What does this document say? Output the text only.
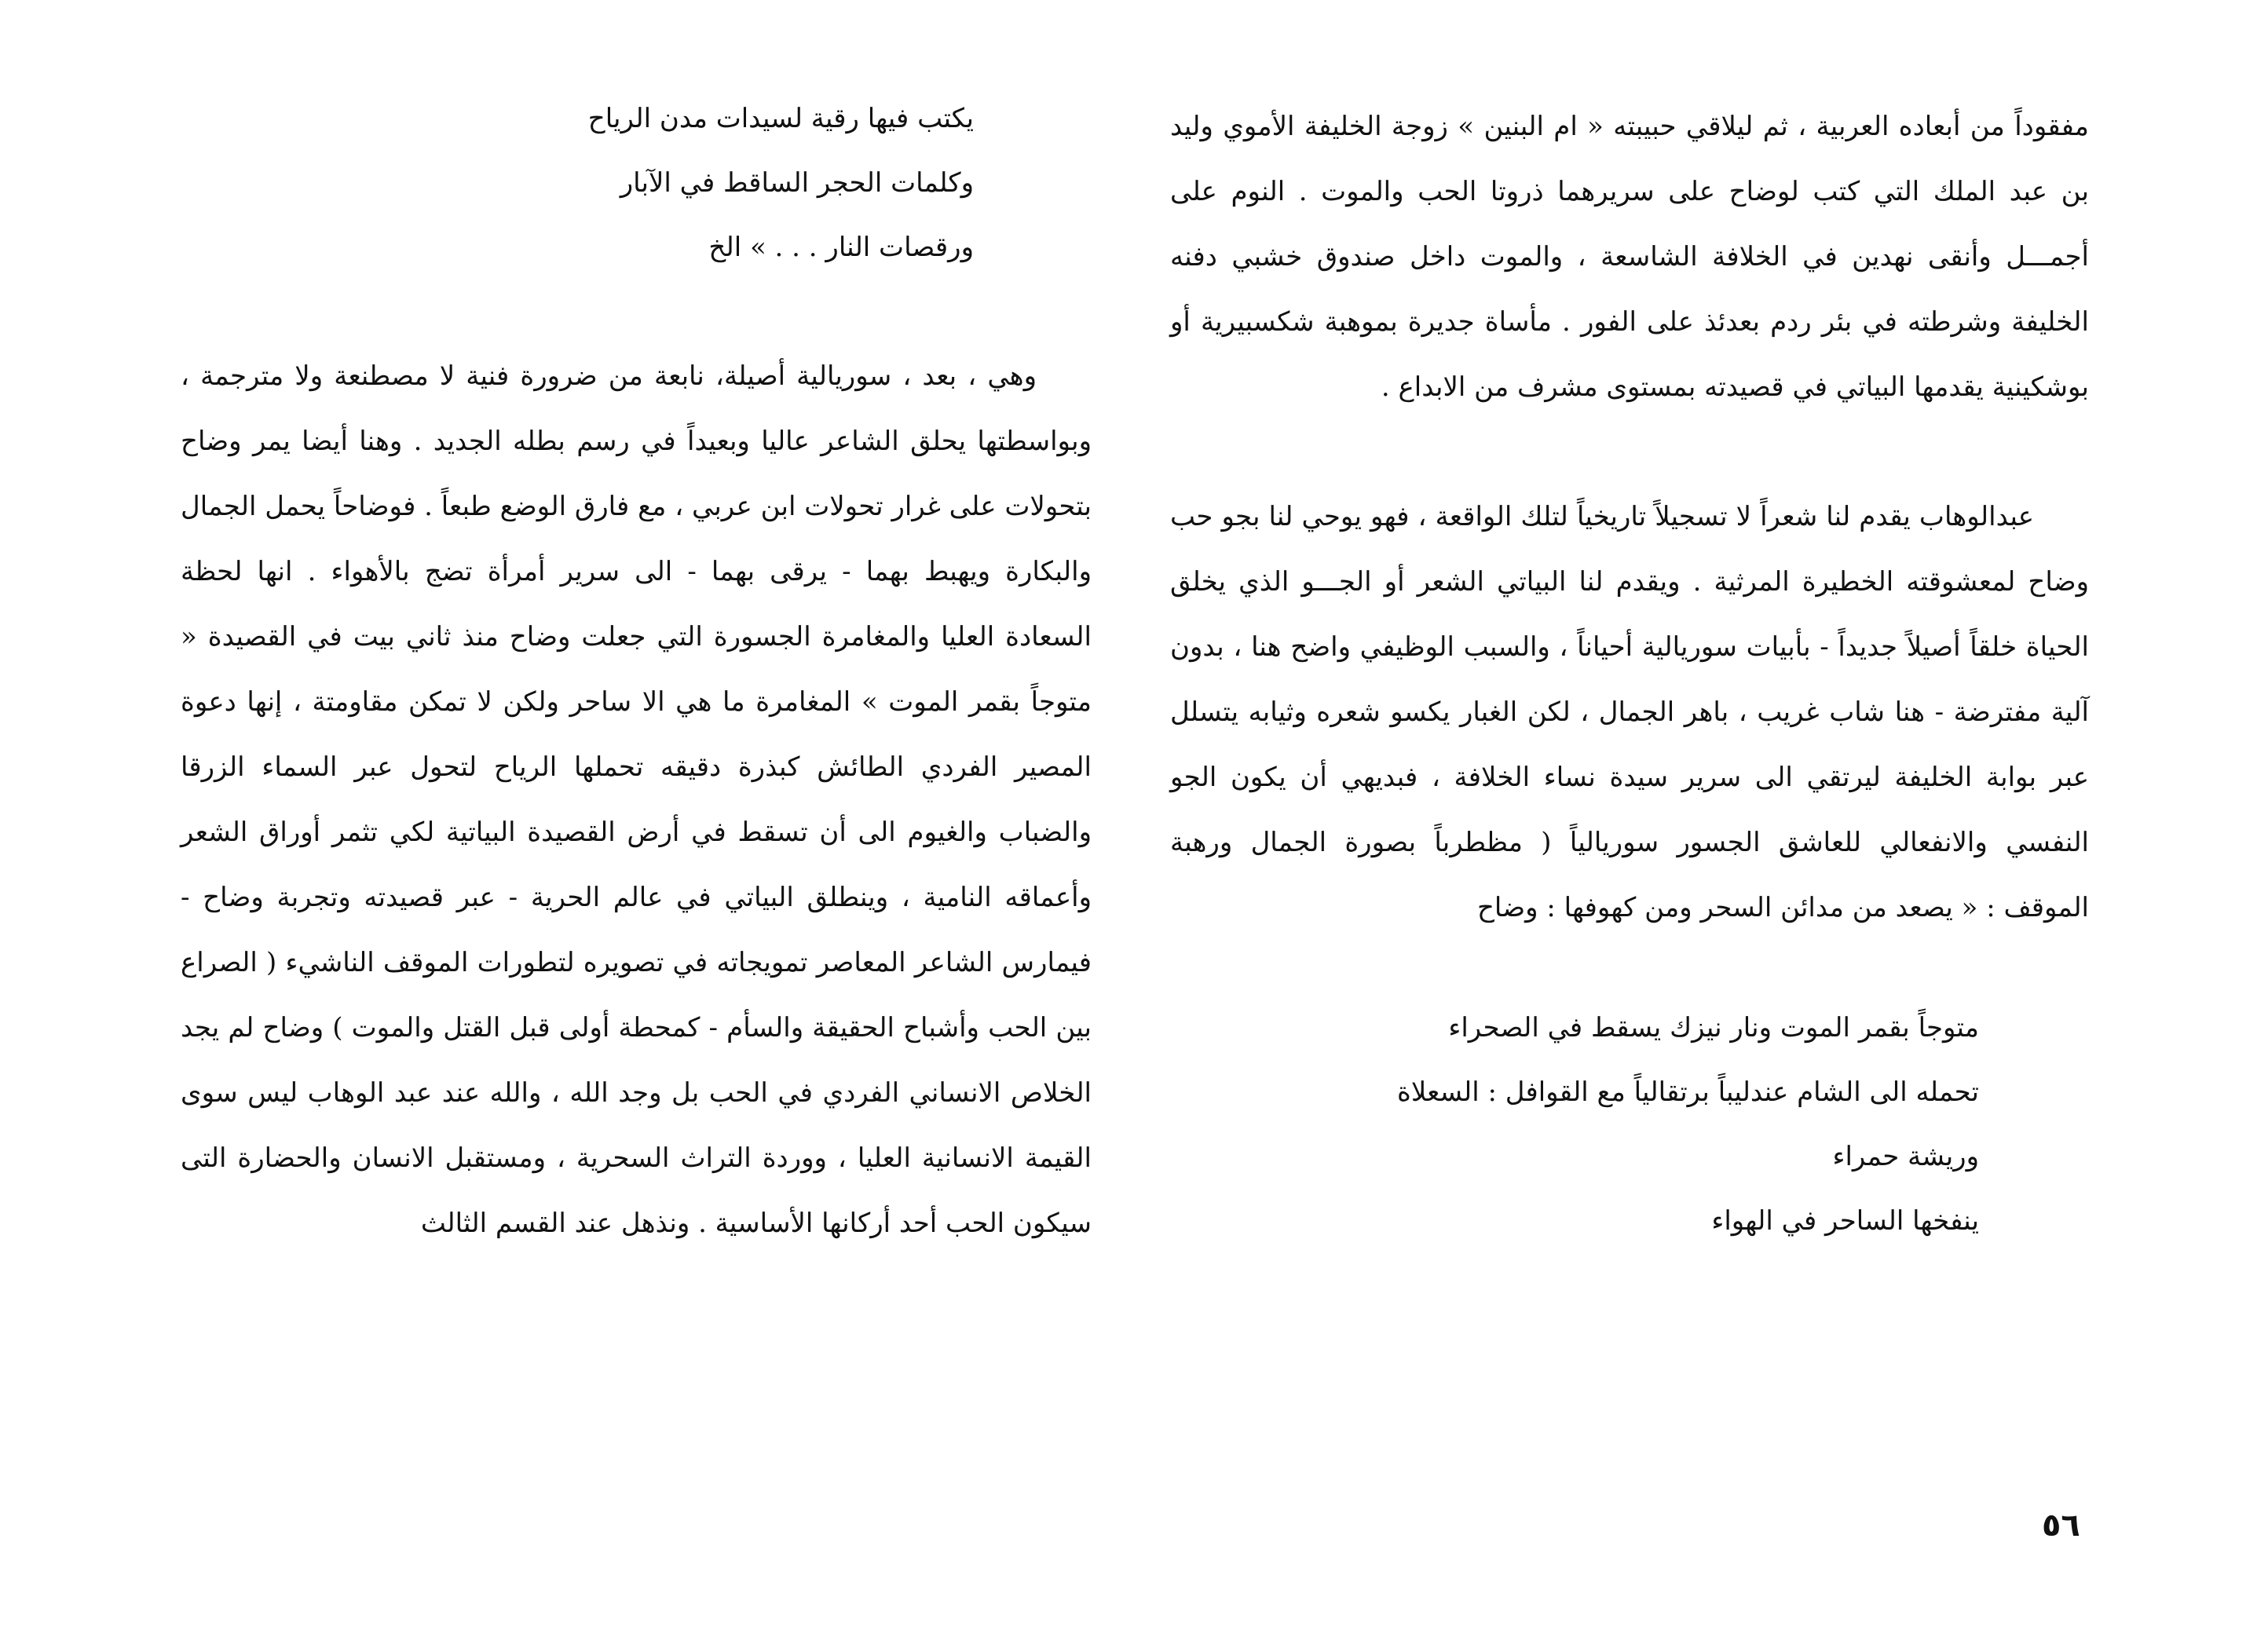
مفقوداً من أبعاده العربية ، ثم ليلاقي حبيبته « ام البنين » زوجة الخليفة الأموي وليد بن عبد الملك التي كتب لوضاح على سريرهما ذروتا الحب والموت . النوم على أجمـــل وأنقى نهدين في الخلافة الشاسعة ، والموت داخل صندوق خشبي دفنه الخليفة وشرطته في بئر ردم بعدئذ على الفور . مأساة جديرة بموهبة شكسبيرية أو بوشكينية يقدمها البياتي في قصيدته بمستوى مشرف من الابداع .

عبدالوهاب يقدم لنا شعراً لا تسجيلاً تاريخياً لتلك الواقعة ، فهو يوحي لنا بجو حب وضاح لمعشوقته الخطيرة المرثية . ويقدم لنا البياتي الشعر أو الجـــو الذي يخلق الحياة خلقاً أصيلاً جديداً - بأبيات سوريالية أحياناً ، والسبب الوظيفي واضح هنا ، بدون آلية مفترضة - هنا شاب غريب ، باهر الجمال ، لكن الغبار يكسو شعره وثيابه يتسلل عبر بوابة الخليفة ليرتقي الى سرير سيدة نساء الخلافة ، فبديهي أن يكون الجو النفسي والانفعالي للعاشق الجسور سوريالياً ( مظطرباً بصورة الجمال ورهبة الموقف : « يصعد من مدائن السحر ومن كهوفها : وضاح

متوجاً بقمر الموت ونار نيزك يسقط في الصحراء
تحمله الى الشام عندليباً برتقالياً مع القوافل : السعلاة
وريشة حمراء
ينفخها الساحر في الهواء
يكتب فيها رقية لسيدات مدن الرياح
وكلمات الحجر الساقط في الآبار
ورقصات النار . . . » الخ

وهي ، بعد ، سوريالية أصيلة، نابعة من ضرورة فنية لا مصطنعة ولا مترجمة ، وبواسطتها يحلق الشاعر عاليا وبعيداً في رسم بطله الجديد . وهنا أيضا يمر وضاح بتحولات على غرار تحولات ابن عربي ، مع فارق الوضع طبعاً . فوضاحاً يحمل الجمال والبكارة ويهبط بهما - يرقى بهما - الى سرير أمرأة تضج بالأهواء . انها لحظة السعادة العليا والمغامرة الجسورة التي جعلت وضاح منذ ثاني بيت في القصيدة « متوجاً بقمر الموت » المغامرة ما هي الا ساحر ولكن لا تمكن مقاومتة ، إنها دعوة المصير الفردي الطائش كبذرة دقيقه تحملها الرياح لتحول عبر السماء الزرقا والضباب والغيوم الى أن تسقط في أرض القصيدة البياتية لكي تثمر أوراق الشعر وأعماقه النامية ، وينطلق البياتي في عالم الحرية - عبر قصيدته وتجربة وضاح - فيمارس الشاعر المعاصر تمويجاته في تصويره لتطورات الموقف الناشيء ( الصراع بين الحب وأشباح الحقيقة والسأم - كمحطة أولى قبل القتل والموت ) وضاح لم يجد الخلاص الانساني الفردي في الحب بل وجد الله ، والله عند عبد الوهاب ليس سوى القيمة الانسانية العليا ، ووردة التراث السحرية ، ومستقبل الانسان والحضارة التى سيكون الحب أحد أركانها الأساسية . ونذهل عند القسم الثالث

٥٦
